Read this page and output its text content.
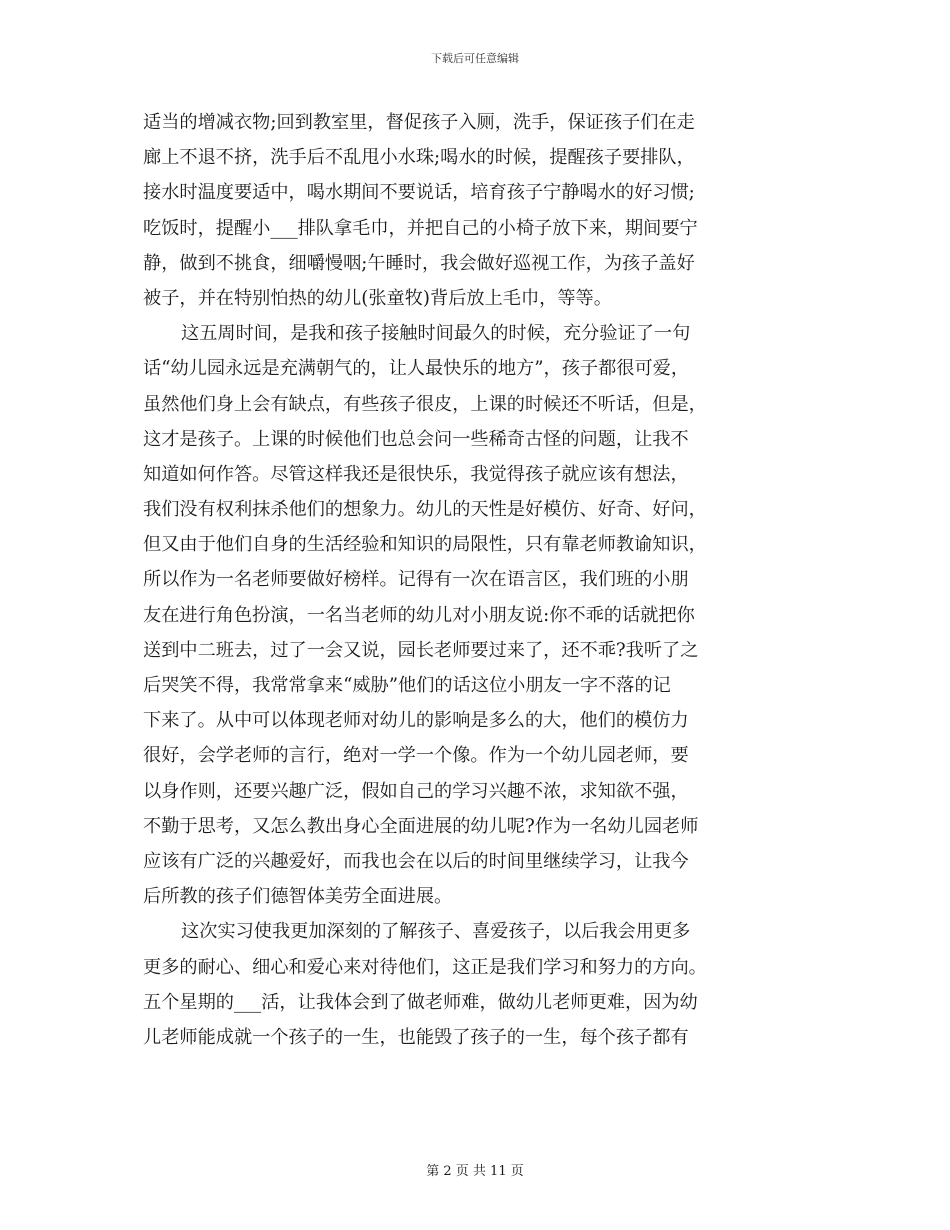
下载后可任意编辑
适当的增减衣物;回到教室里，督促孩子入厕，洗手，保证孩子们在走
廊上不退不挤，洗手后不乱甩小水珠;喝水的时候，提醒孩子要排队，
接水时温度要适中，喝水期间不要说话，培育孩子宁静喝水的好习惯;
吃饭时，提醒小___排队拿毛巾，并把自己的小椅子放下来，期间要宁
静，做到不挑食，细嚼慢咽;午睡时，我会做好巡视工作，为孩子盖好
被子，并在特别怕热的幼儿(张童牧)背后放上毛巾，等等。
这五周时间，是我和孩子接触时间最久的时候，充分验证了一句
话“幼儿园永远是充满朝气的，让人最快乐的地方”，孩子都很可爱，
虽然他们身上会有缺点，有些孩子很皮，上课的时候还不听话，但是，
这才是孩子。上课的时候他们也总会问一些稀奇古怪的问题，让我不
知道如何作答。尽管这样我还是很快乐，我觉得孩子就应该有想法，
我们没有权利抹杀他们的想象力。幼儿的天性是好模仿、好奇、好问，
但又由于他们自身的生活经验和知识的局限性，只有靠老师教谕知识，
所以作为一名老师要做好榜样。记得有一次在语言区，我们班的小朋
友在进行角色扮演，一名当老师的幼儿对小朋友说:你不乖的话就把你
送到中二班去，过了一会又说，园长老师要过来了，还不乖?我听了之
后哭笑不得，我常常拿来“威胁”他们的话这位小朋友一字不落的记
下来了。从中可以体现老师对幼儿的影响是多么的大，他们的模仿力
很好，会学老师的言行，绝对一学一个像。作为一个幼儿园老师，要
以身作则，还要兴趣广泛，假如自己的学习兴趣不浓，求知欲不强，
不勤于思考，又怎么教出身心全面进展的幼儿呢?作为一名幼儿园老师
应该有广泛的兴趣爱好，而我也会在以后的时间里继续学习，让我今
后所教的孩子们德智体美劳全面进展。
这次实习使我更加深刻的了解孩子、喜爱孩子，以后我会用更多
更多的耐心、细心和爱心来对待他们，这正是我们学习和努力的方向。
五个星期的___活，让我体会到了做老师难，做幼儿老师更难，因为幼
儿老师能成就一个孩子的一生，也能毁了孩子的一生，每个孩子都有
第 2 页 共 11 页
